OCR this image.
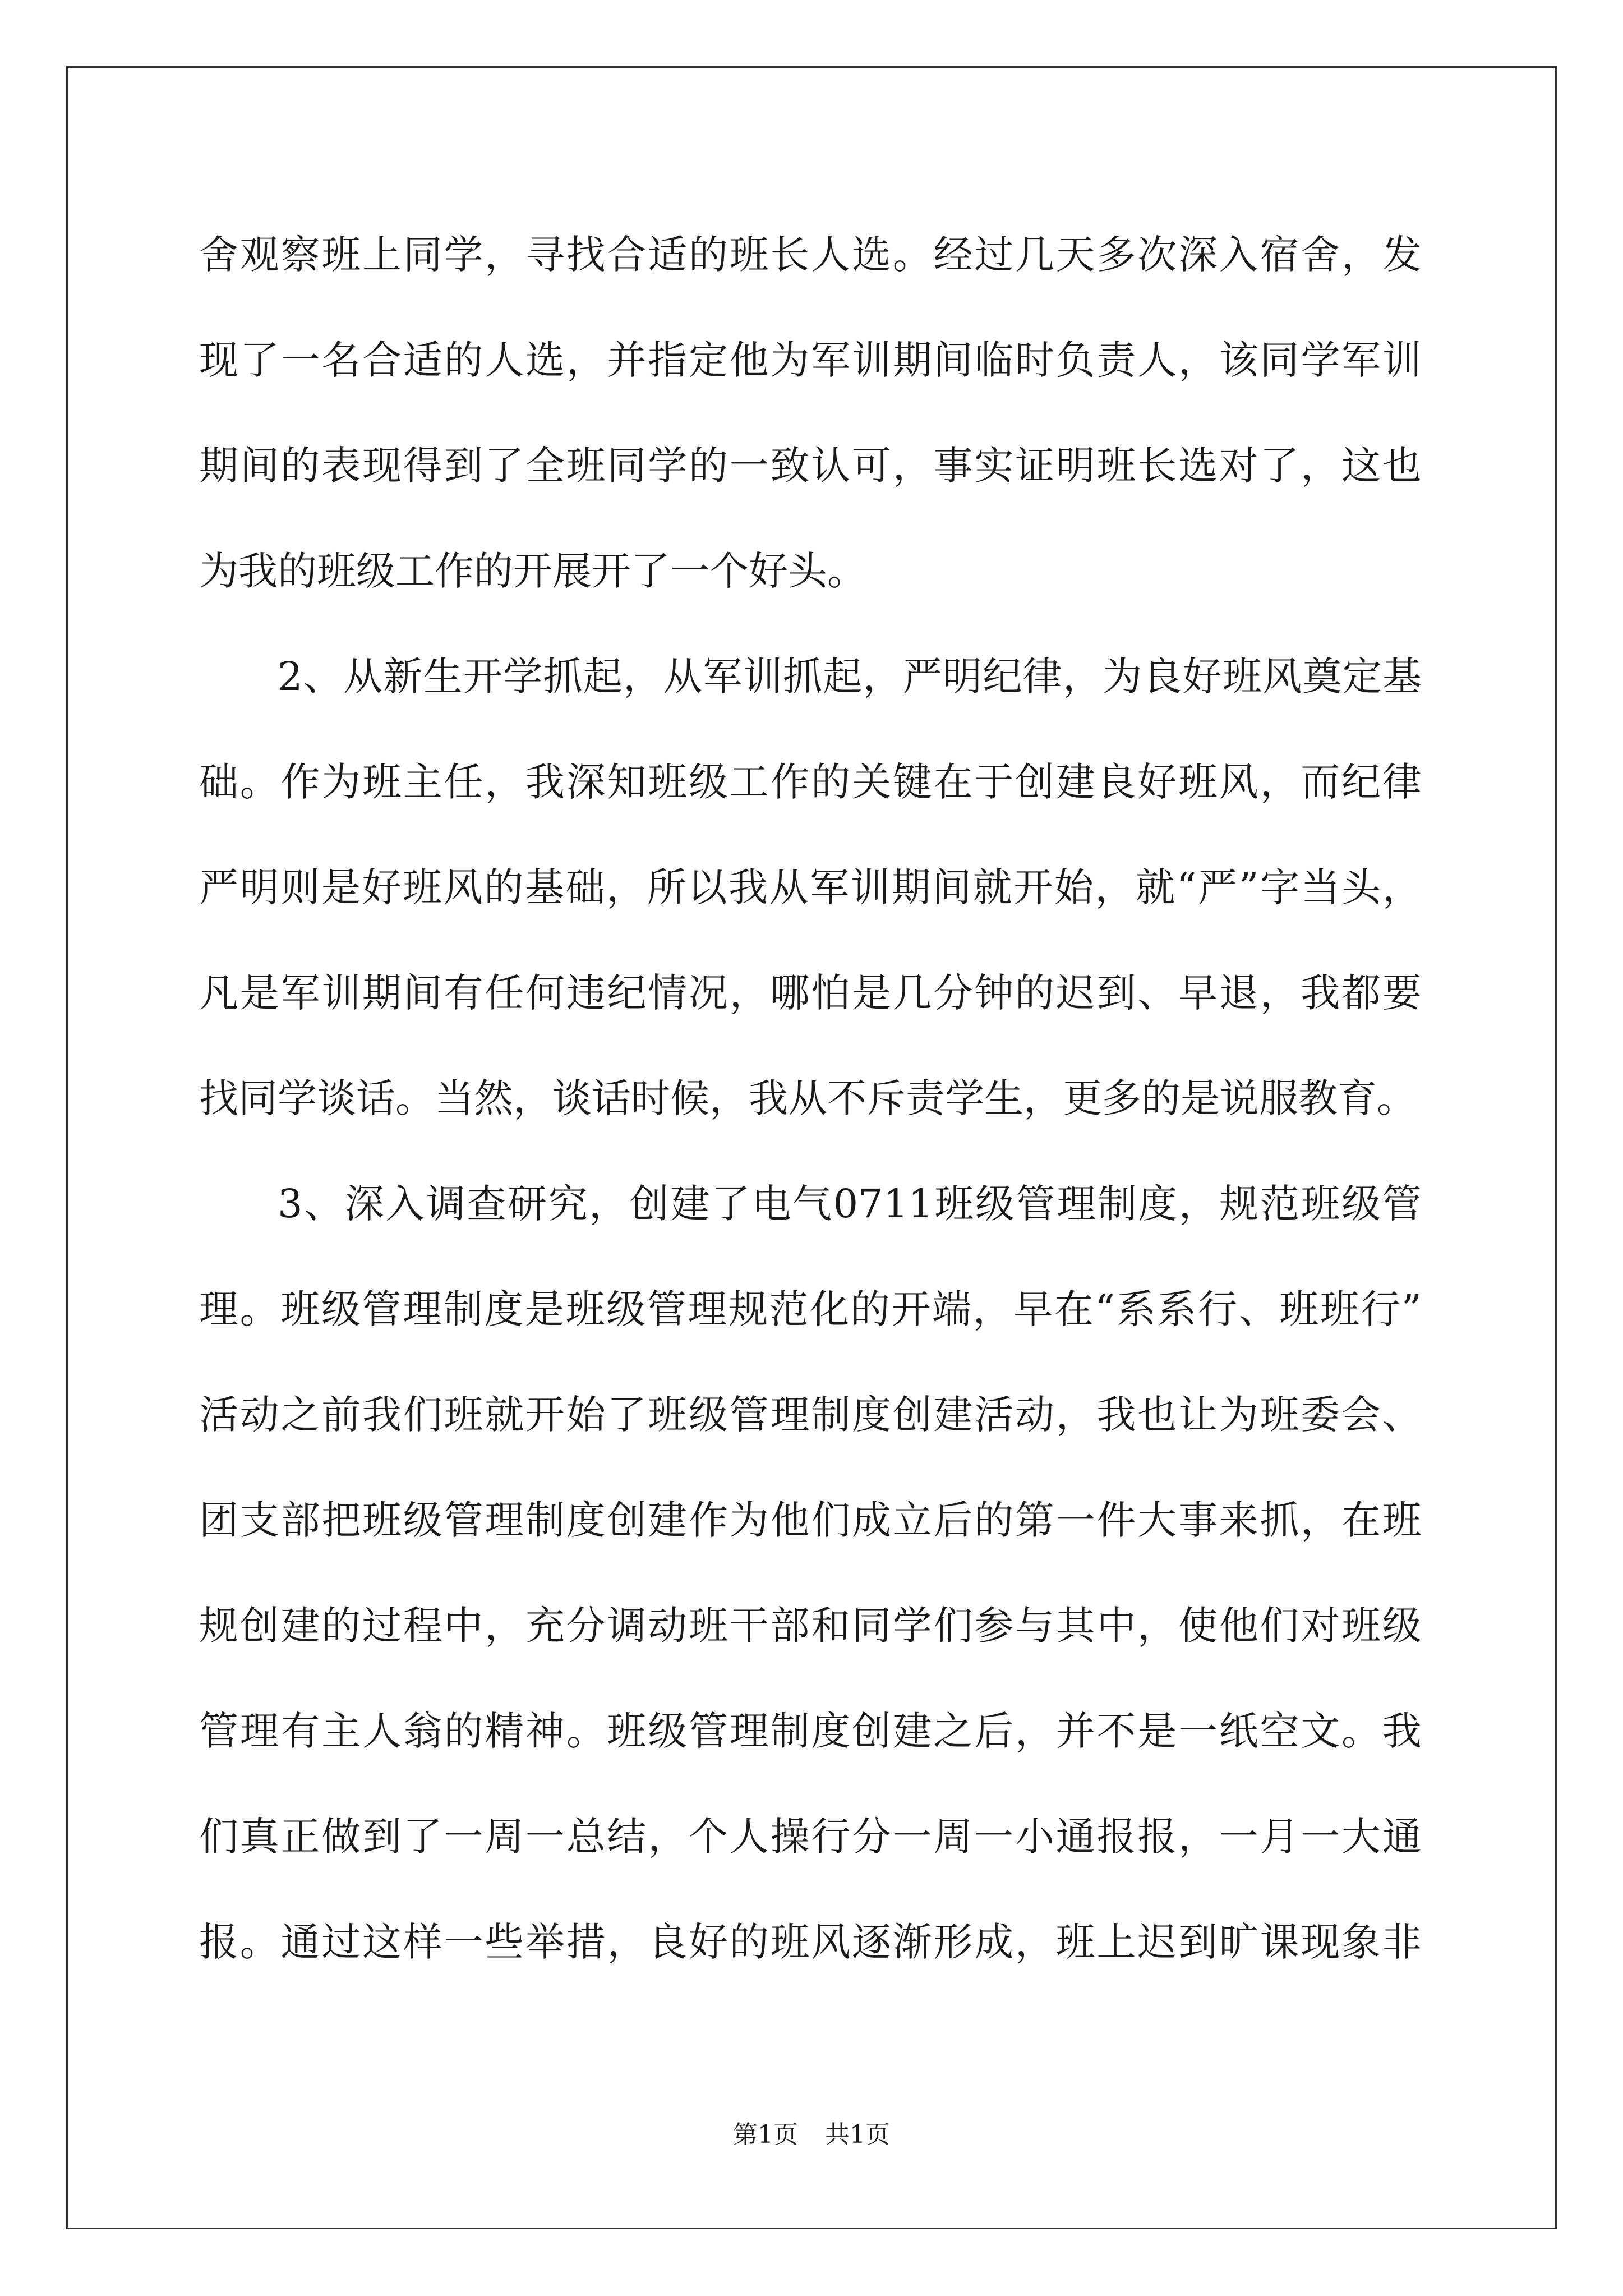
舍 观 察 班 上 同 学 ， 寻 找 合 适 的 班 长 人 选 。 经 过 几 天 多 次 深 入 宿 舍 ， 发
现 了 一 名 合 适 的 人 选 ， 并 指 定 他 为 军 训 期 间 临 时 负 责 人 ， 该 同 学 军 训
期 间 的 表 现 得 到 了 全 班 同 学 的 一 致 认 可 ， 事 实 证 明 班 长 选 对 了 ， 这 也
为 我 的 班 级 工 作 的 开 展 开 了 一 个 好 头 。
2 、 从 新 生 开 学 抓 起 ， 从 军 训 抓 起 ， 严 明 纪 律 ， 为 良 好 班 风 奠 定 基
础 。 作 为 班 主 任 ， 我 深 知 班 级 工 作 的 关 键 在 于 创 建 良 好 班 风 ， 而 纪 律
严 明 则 是 好 班 风 的 基 础 ， 所 以 我 从 军 训 期 间 就 开 始 ， 就 “ 严 ” 字 当 头 ，
凡 是 军 训 期 间 有 任 何 违 纪 情 况 ， 哪 怕 是 几 分 钟 的 迟 到 、 早 退 ， 我 都 要
找 同 学 谈 话 。 当 然 ， 谈 话 时 候 ， 我 从 不 斥 责 学 生 ， 更 多 的 是 说 服 教 育 。
3 、 深 入 调 查 研 究 ， 创 建 了 电 气 0711 班 级 管 理 制 度 ， 规 范 班 级 管
理 。 班 级 管 理 制 度 是 班 级 管 理 规 范 化 的 开 端 ， 早 在 “ 系 系 行 、 班 班 行 ”
活 动 之 前 我 们 班 就 开 始 了 班 级 管 理 制 度 创 建 活 动 ， 我 也 让 为 班 委 会 、
团 支 部 把 班 级 管 理 制 度 创 建 作 为 他 们 成 立 后 的 第 一 件 大 事 来 抓 ， 在 班
规 创 建 的 过 程 中 ， 充 分 调 动 班 干 部 和 同 学 们 参 与 其 中 ， 使 他 们 对 班 级
管 理 有 主 人 翁 的 精 神 。 班 级 管 理 制 度 创 建 之 后 ， 并 不 是 一 纸 空 文 。 我
们 真 正 做 到 了 一 周 一 总 结 ， 个 人 操 行 分 一 周 一 小 通 报 报 ， 一 月 一 大 通
报 。 通 过 这 样 一 些 举 措 ， 良 好 的 班 风 逐 渐 形 成 ， 班 上 迟 到 旷 课 现 象 非
第1页 共1页
